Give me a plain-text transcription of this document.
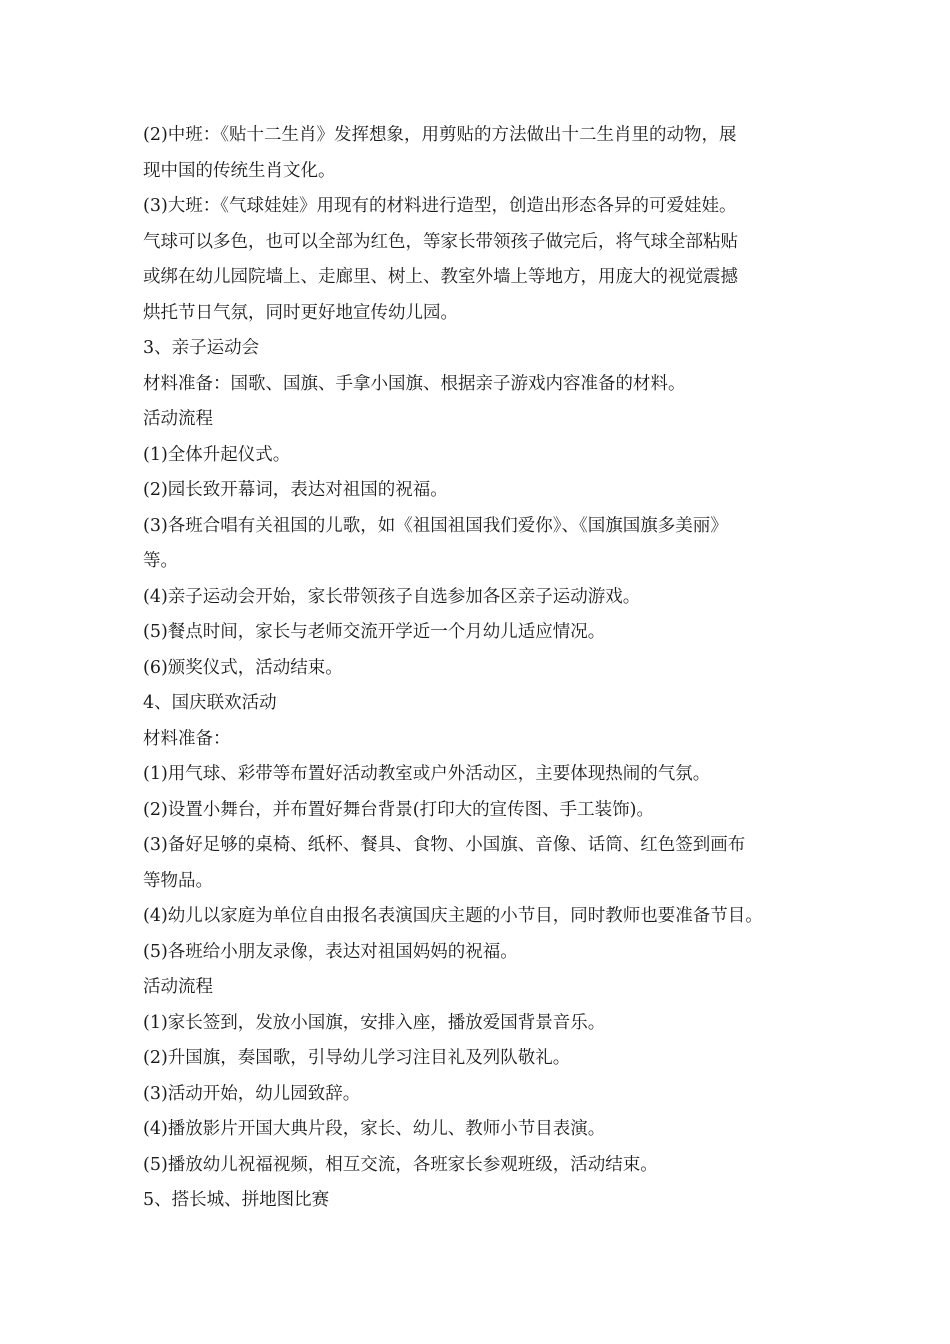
(2)中班：《贴十二生肖》发挥想象，用剪贴的方法做出十二生肖里的动物，展
现中国的传统生肖文化。
(3)大班：《气球娃娃》用现有的材料进行造型，创造出形态各异的可爱娃娃。
气球可以多色，也可以全部为红色，等家长带领孩子做完后，将气球全部粘贴
或绑在幼儿园院墙上、走廊里、树上、教室外墙上等地方，用庞大的视觉震撼
烘托节日气氛，同时更好地宣传幼儿园。
3、亲子运动会
材料准备：国歌、国旗、手拿小国旗、根据亲子游戏内容准备的材料。
活动流程
(1)全体升起仪式。
(2)园长致开幕词，表达对祖国的祝福。
(3)各班合唱有关祖国的儿歌，如《祖国祖国我们爱你》、《国旗国旗多美丽》
等。
(4)亲子运动会开始，家长带领孩子自选参加各区亲子运动游戏。
(5)餐点时间，家长与老师交流开学近一个月幼儿适应情况。
(6)颁奖仪式，活动结束。
4、国庆联欢活动
材料准备：
(1)用气球、彩带等布置好活动教室或户外活动区，主要体现热闹的气氛。
(2)设置小舞台，并布置好舞台背景(打印大的宣传图、手工装饰)。
(3)备好足够的桌椅、纸杯、餐具、食物、小国旗、音像、话筒、红色签到画布
等物品。
(4)幼儿以家庭为单位自由报名表演国庆主题的小节目，同时教师也要准备节目。
(5)各班给小朋友录像，表达对祖国妈妈的祝福。
活动流程
(1)家长签到，发放小国旗，安排入座，播放爱国背景音乐。
(2)升国旗，奏国歌，引导幼儿学习注目礼及列队敬礼。
(3)活动开始，幼儿园致辞。
(4)播放影片开国大典片段，家长、幼儿、教师小节目表演。
(5)播放幼儿祝福视频，相互交流，各班家长参观班级，活动结束。
5、搭长城、拼地图比赛
